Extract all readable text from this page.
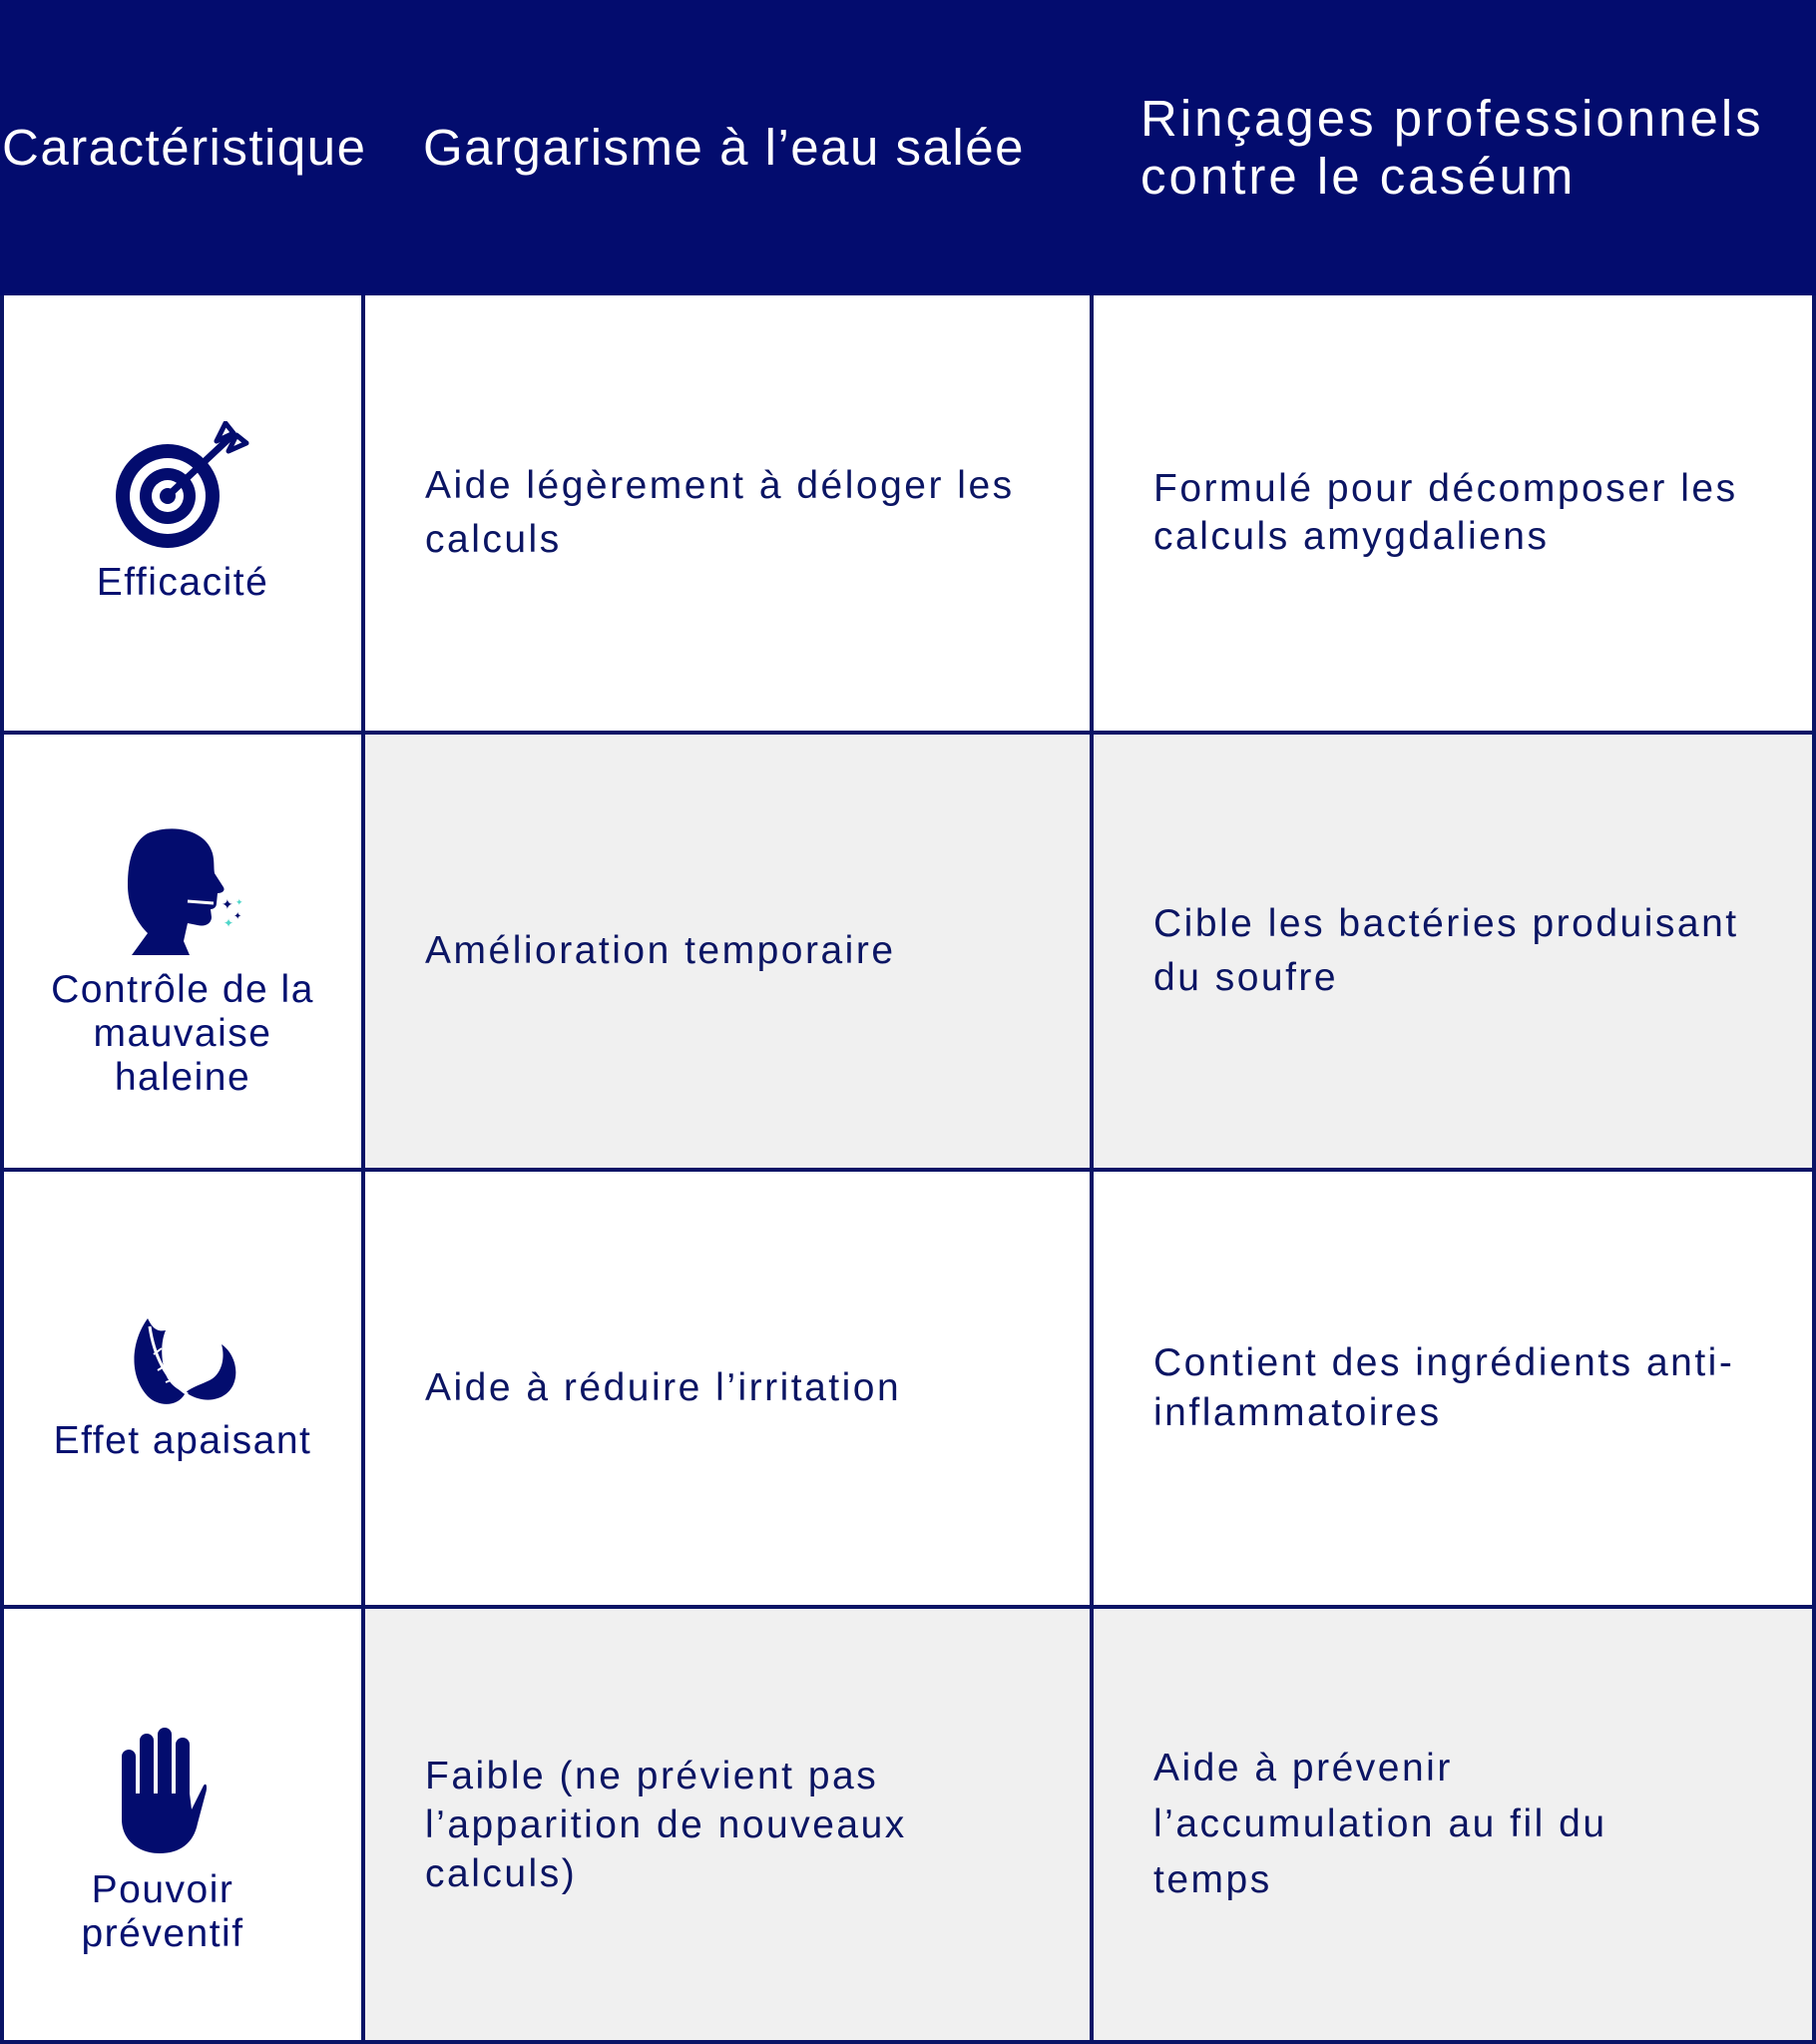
Caractéristique Gargarisme à l’eau salée
Rinçages professionnels contre le caséum
Efficacité
Aide légèrement à déloger les calculs
Formulé pour décomposer les calculs amygdaliens
✦
✦
✦
✦
Contrôle de la mauvaise haleine
Amélioration temporaire
Cible les bactéries produisant du soufre
Effet apaisant
Aide à réduire l’irritation
Contient des ingrédients anti-inflammatoires
Pouvoir préventif
Faible (ne prévient pas l’apparition de nouveaux calculs)
Aide à prévenir l’accumulation au fil du temps
